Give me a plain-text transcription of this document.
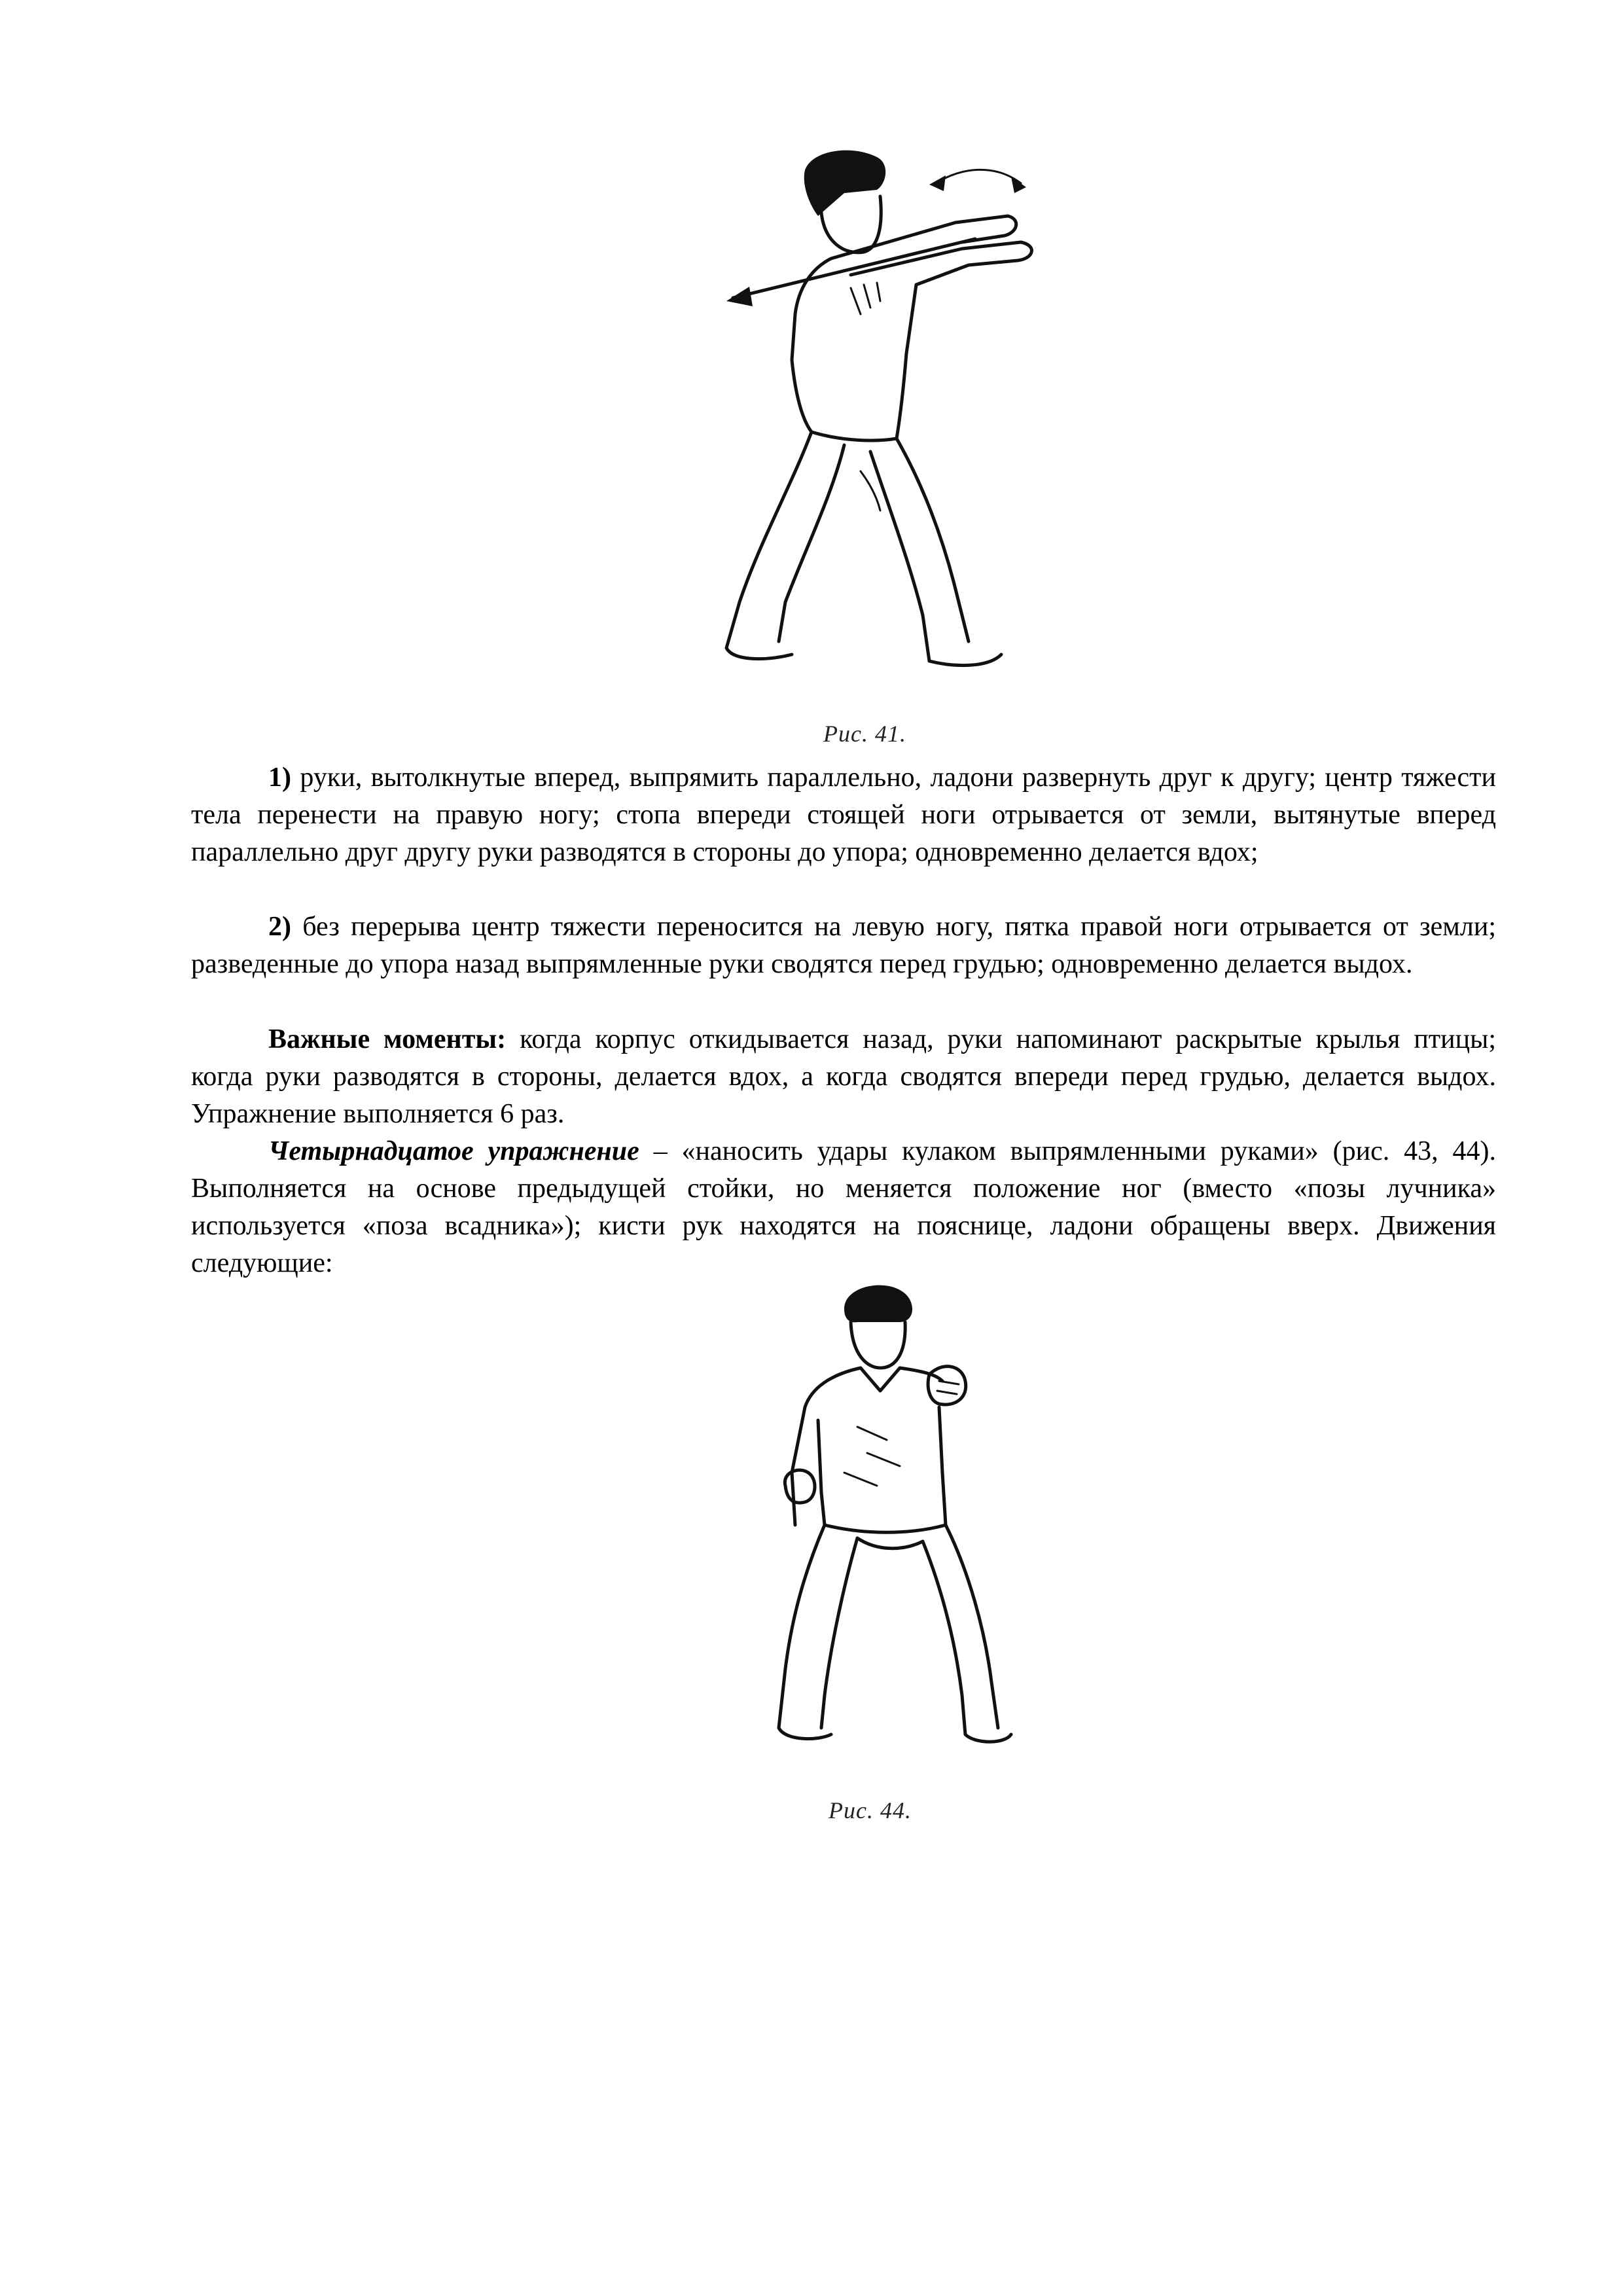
Рис. 41.
1) руки, вытолкнутые вперед, выпрямить параллельно, ладони развернуть друг к другу; центр тяжести тела перенести на правую ногу; стопа впереди стоящей ноги отрывается от земли, вытянутые вперед параллельно друг другу руки разводятся в стороны до упора; одновременно делается вдох;
2) без перерыва центр тяжести переносится на левую ногу, пятка правой ноги отрывается от земли; разведенные до упора назад выпрямленные руки сводятся перед грудью; одновременно делается выдох.
Важные моменты: когда корпус откидывается назад, руки напоминают раскрытые крылья птицы; когда руки разводятся в стороны, делается вдох, а когда сводятся впереди перед грудью, делается выдох. Упражнение выполняется 6 раз.
Четырнадцатое упражнение – «наносить удары кулаком выпрямленными руками» (рис. 43, 44). Выполняется на основе предыдущей стойки, но меняется положение ног (вместо «позы лучника» используется «поза всадника»); кисти рук находятся на пояснице, ладони обращены вверх. Движения следующие:
Рис. 44.
